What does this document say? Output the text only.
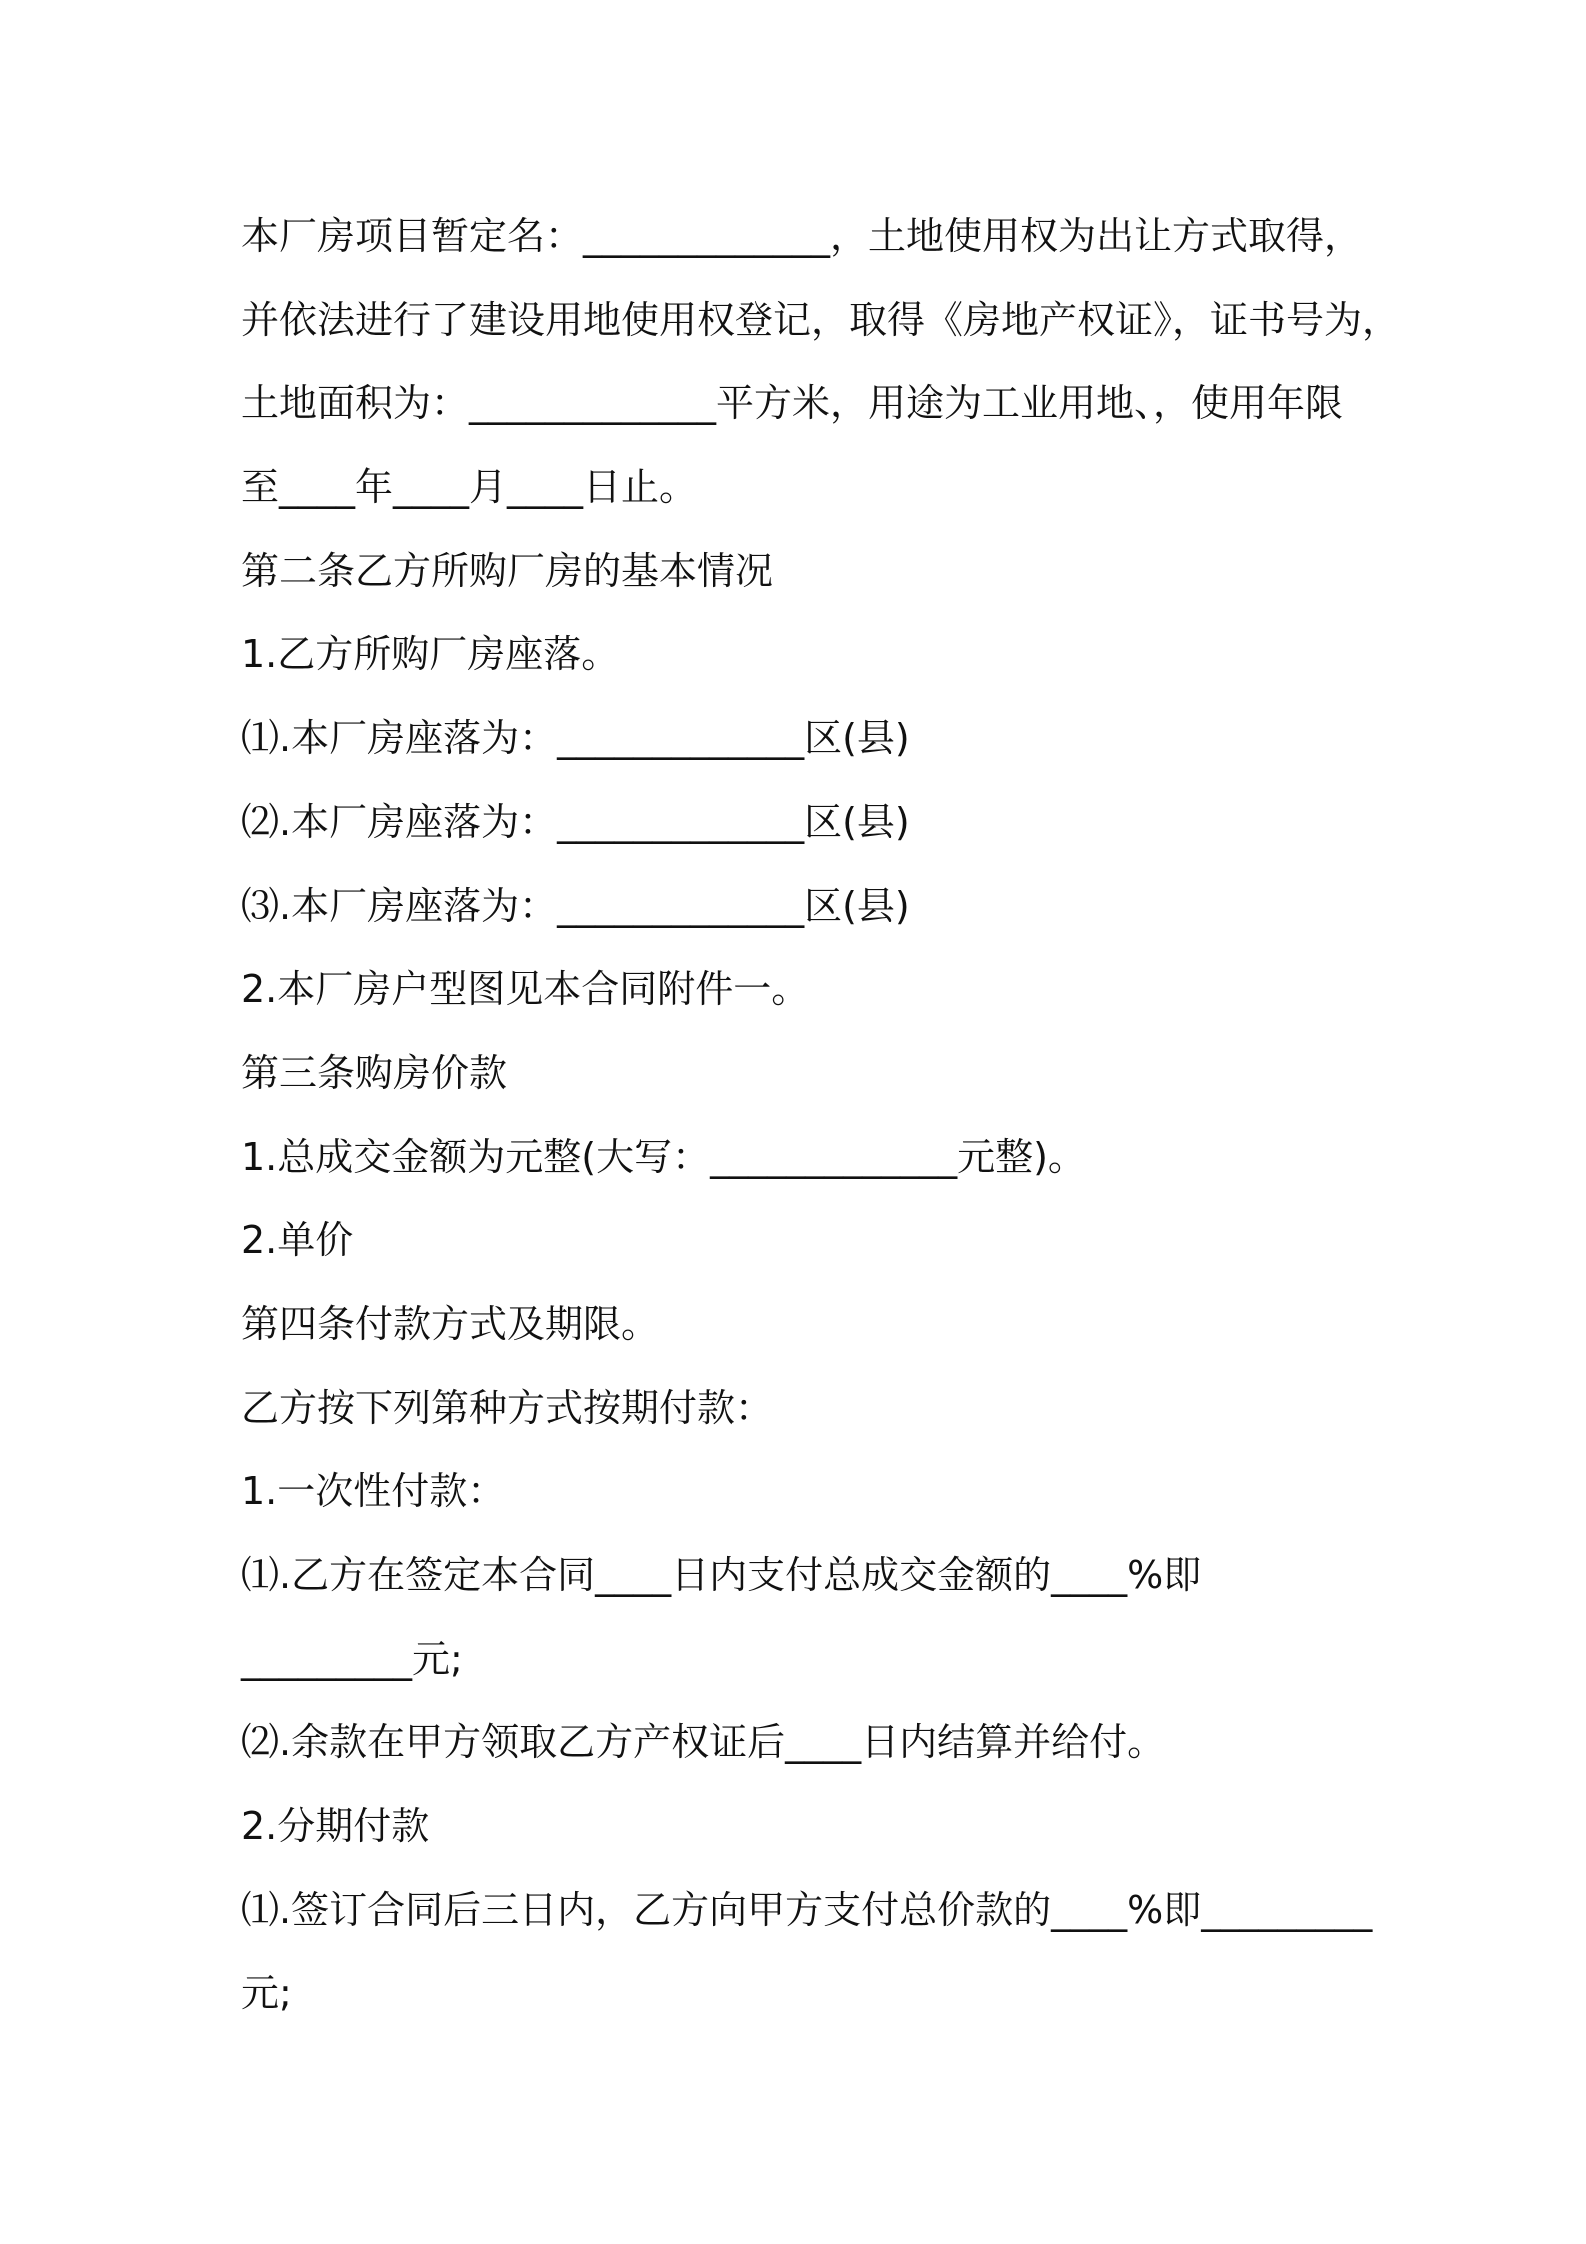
本厂房项目暂定名：_____________，土地使用权为出让方式取得，
并依法进行了建设用地使用权登记，取得《房地产权证》，证书号为，
土地面积为：_____________平方米，用途为工业用地、，使用年限
至____年____月____日止。
第二条乙方所购厂房的基本情况
1.乙方所购厂房座落。
⑴.本厂房座落为：_____________区(县)
⑵.本厂房座落为：_____________区(县)
⑶.本厂房座落为：_____________区(县)
2.本厂房户型图见本合同附件一。
第三条购房价款
1.总成交金额为元整(大写：_____________元整)。
2.单价
第四条付款方式及期限。
乙方按下列第种方式按期付款：
1.一次性付款：
⑴.乙方在签定本合同____日内支付总成交金额的____%即
_________元;
⑵.余款在甲方领取乙方产权证后____日内结算并给付。
2.分期付款
⑴.签订合同后三日内，乙方向甲方支付总价款的____%即_________
元;
